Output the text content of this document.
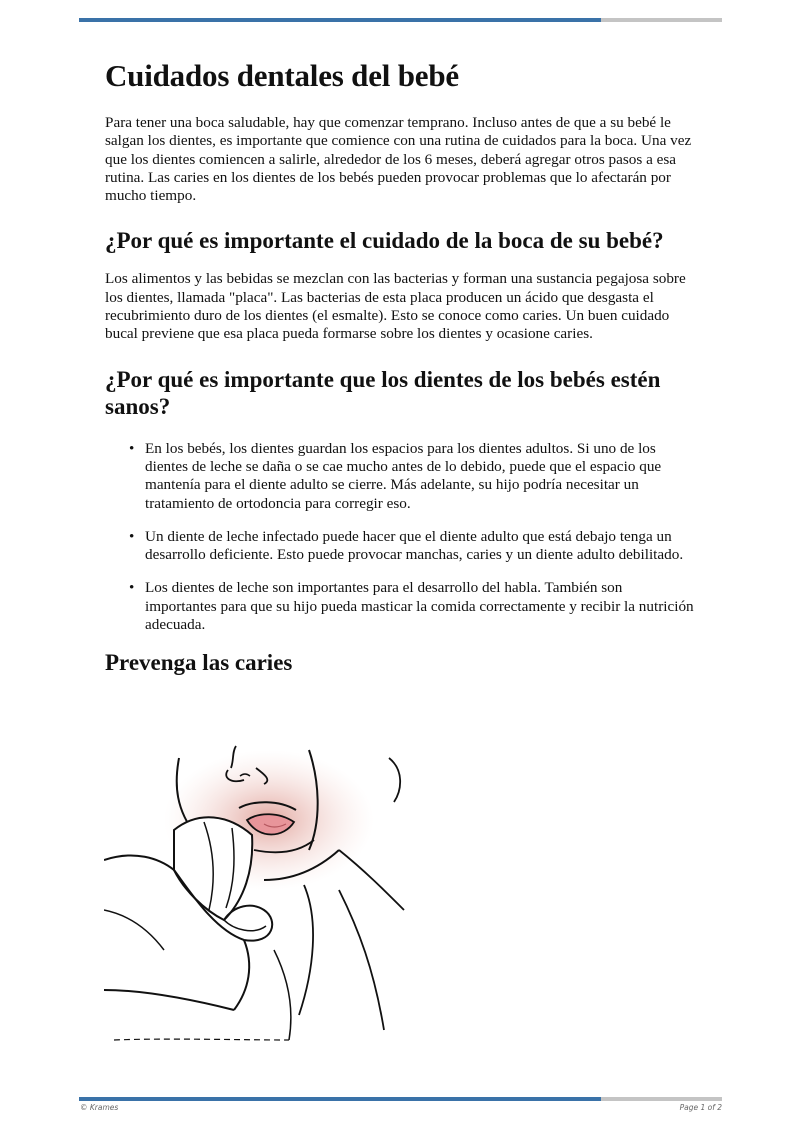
Cuidados dentales del bebé

Para tener una boca saludable, hay que comenzar temprano. Incluso antes de que a su bebé le salgan los dientes, es importante que comience con una rutina de cuidados para la boca. Una vez que los dientes comiencen a salirle, alrededor de los 6 meses, deberá agregar otros pasos a esa rutina. Las caries en los dientes de los bebés pueden provocar problemas que lo afectarán por mucho tiempo.

¿Por qué es importante el cuidado de la boca de su bebé?

Los alimentos y las bebidas se mezclan con las bacterias y forman una sustancia pegajosa sobre los dientes, llamada "placa". Las bacterias de esta placa producen un ácido que desgasta el recubrimiento duro de los dientes (el esmalte). Esto se conoce como caries. Un buen cuidado bucal previene que esa placa pueda formarse sobre los dientes y ocasione caries.

¿Por qué es importante que los dientes de los bebés estén sanos?
• En los bebés, los dientes guardan los espacios para los dientes adultos. Si uno de los dientes de leche se daña o se cae mucho antes de lo debido, puede que el espacio que mantenía para el diente adulto se cierre. Más adelante, su hijo podría necesitar un tratamiento de ortodoncia para corregir eso.
• Un diente de leche infectado puede hacer que el diente adulto que está debajo tenga un desarrollo deficiente. Esto puede provocar manchas, caries y un diente adulto debilitado.
• Los dientes de leche son importantes para el desarrollo del habla. También son importantes para que su hijo pueda masticar la comida correctamente y recibir la nutrición adecuada.
Prevenga las caries
© Krames	Page 1 of 2
